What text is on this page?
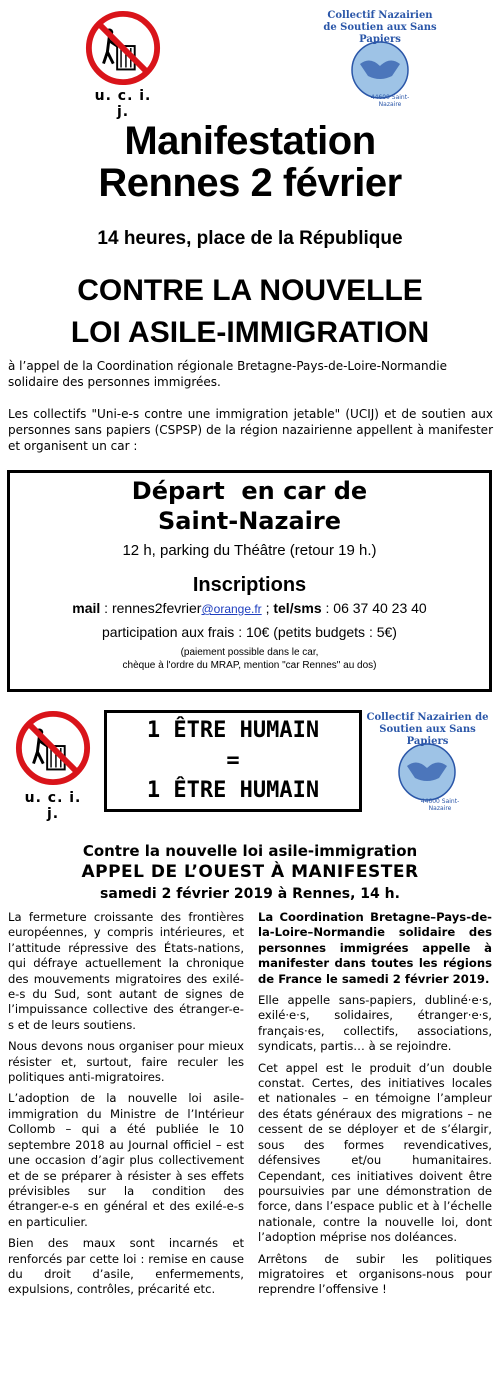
u. c. i. j.
Collectif Nazairien de Soutien aux Sans Papiers
44600 Saint-Nazaire
Manifestation
Rennes 2 février
14 heures, place de la République
CONTRE LA NOUVELLE
LOI ASILE-IMMIGRATION
à l’appel de la Coordination régionale Bretagne-Pays-de-Loire-Normandie solidaire des personnes immigrées.
Les collectifs "Uni-e-s contre une immigration jetable" (UCIJ) et de soutien aux personnes sans papiers (CSPSP) de la région nazairienne appellent à manifester et organisent un car :
Départ  en car de
Saint-Nazaire
12 h, parking du Théâtre (retour 19 h.)
Inscriptions
mail : rennes2fevrier@orange.fr ; tel/sms : 06 37 40 23 40
participation aux frais : 10€ (petits budgets : 5€)
(paiement possible dans le car,
chèque à l'ordre du MRAP, mention "car Rennes" au dos)
u. c. i. j.
1 ÊTRE HUMAIN
=
1 ÊTRE HUMAIN
Collectif Nazairien de Soutien aux Sans Papiers
44600 Saint-Nazaire
Contre la nouvelle loi asile-immigration
APPEL DE L’OUEST À MANIFESTER
samedi 2 février 2019 à Rennes, 14 h.

La fermeture croissante des frontières européennes, y compris intérieures, et l’attitude répressive des États-nations, qui défraye actuellement la chronique des mouvements migratoires des exilé-e-s du Sud, sont autant de signes de l’impuissance collective des étranger-e-s et de leurs soutiens.

Nous devons nous organiser pour mieux résister et, surtout, faire reculer les politiques anti-migratoires.

L’adoption de la nouvelle loi asile-immigration du Ministre de l’Intérieur Collomb – qui a été publiée le 10 septembre 2018 au Journal officiel – est une occasion d’agir plus collectivement et de se préparer à résister à ses effets prévisibles sur la condition des étranger-e-s en général et des exilé-e-s en particulier.

Bien des maux sont incarnés et renforcés par cette loi : remise en cause du droit d’asile, enfermements, expulsions, contrôles, précarité etc.

La Coordination Bretagne–Pays-de-la-Loire–Normandie solidaire des personnes immigrées appelle à manifester dans toutes les régions de France le samedi 2 février 2019.

Elle appelle sans-papiers, dubliné·e·s, exilé·e·s, solidaires, étranger·e·s, français·es, collectifs, associations, syndicats, partis… à se rejoindre.

Cet appel est le produit d’un double constat. Certes, des initiatives locales et nationales – en témoigne l’ampleur des états généraux des migrations – ne cessent de se déployer et de s’élargir, sous des formes revendicatives, défensives et/ou humanitaires. Cependant, ces initiatives doivent être poursuivies par une démonstration de force, dans l’espace public et à l’échelle nationale, contre la nouvelle loi, dont l’adoption méprise nos doléances.

Arrêtons de subir les politiques migratoires et organisons-nous pour reprendre l’offensive !
